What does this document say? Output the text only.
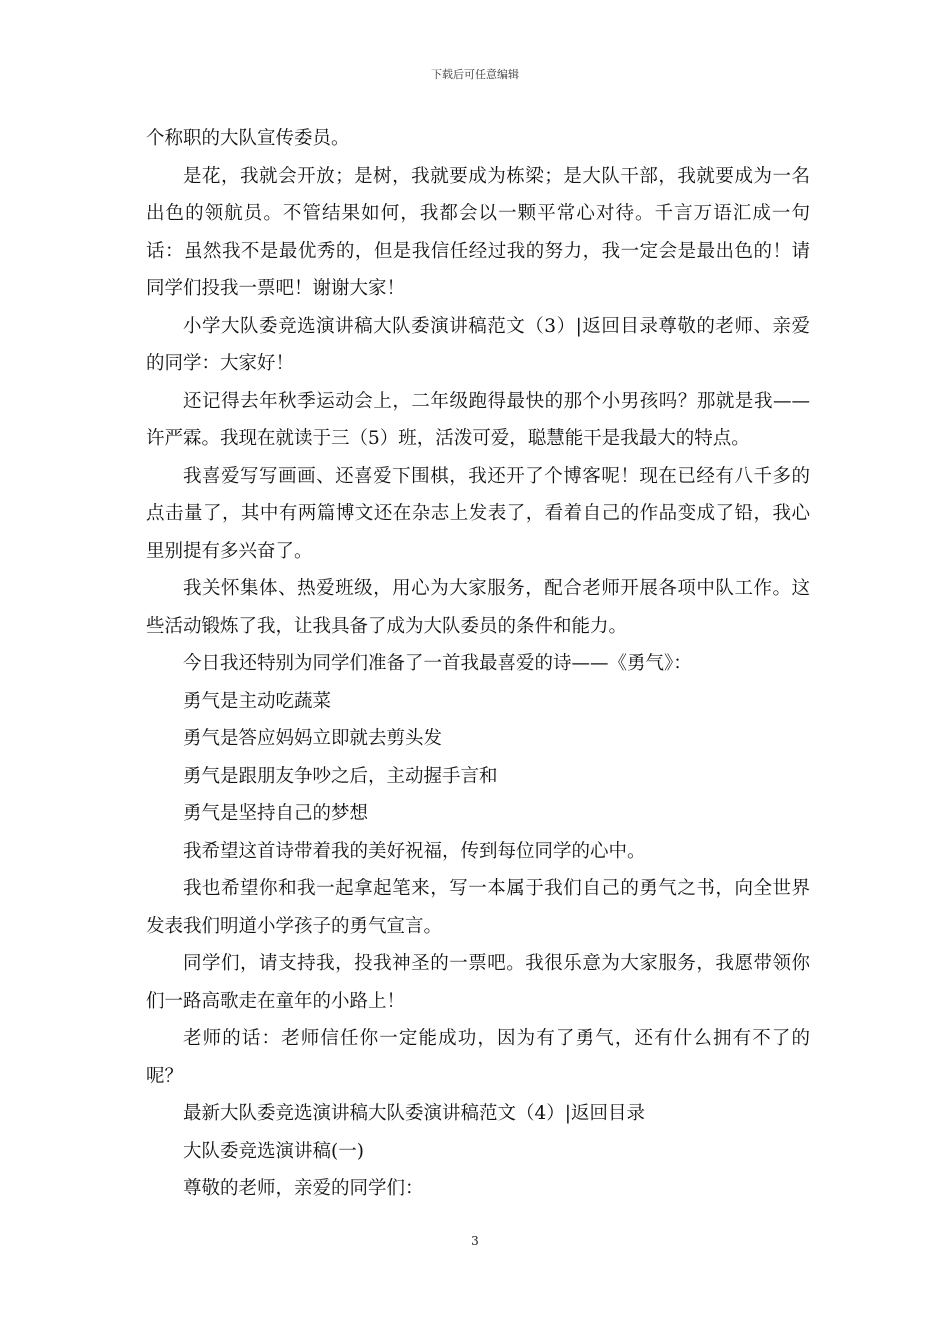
下载后可任意编辑

个称职的大队宣传委员。

是花，我就会开放；是树，我就要成为栋梁；是大队干部，我就要成为一名出色的领航员。不管结果如何，我都会以一颗平常心对待。千言万语汇成一句话：虽然我不是最优秀的，但是我信任经过我的努力，我一定会是最出色的！请同学们投我一票吧！谢谢大家！

小学大队委竞选演讲稿大队委演讲稿范文（3）|返回目录尊敬的老师、亲爱的同学：大家好！

还记得去年秋季运动会上，二年级跑得最快的那个小男孩吗？那就是我——许严霖。我现在就读于三（5）班，活泼可爱，聪慧能干是我最大的特点。

我喜爱写写画画、还喜爱下围棋，我还开了个博客呢！现在已经有八千多的点击量了，其中有两篇博文还在杂志上发表了，看着自己的作品变成了铅，我心里别提有多兴奋了。

我关怀集体、热爱班级，用心为大家服务，配合老师开展各项中队工作。这些活动锻炼了我，让我具备了成为大队委员的条件和能力。

今日我还特别为同学们准备了一首我最喜爱的诗——《勇气》：

勇气是主动吃蔬菜

勇气是答应妈妈立即就去剪头发

勇气是跟朋友争吵之后，主动握手言和

勇气是坚持自己的梦想

我希望这首诗带着我的美好祝福，传到每位同学的心中。

我也希望你和我一起拿起笔来，写一本属于我们自己的勇气之书，向全世界发表我们明道小学孩子的勇气宣言。

同学们，请支持我，投我神圣的一票吧。我很乐意为大家服务，我愿带领你们一路高歌走在童年的小路上！

老师的话：老师信任你一定能成功，因为有了勇气，还有什么拥有不了的呢？

最新大队委竞选演讲稿大队委演讲稿范文（4）|返回目录

大队委竞选演讲稿(一)

尊敬的老师，亲爱的同学们：

3
